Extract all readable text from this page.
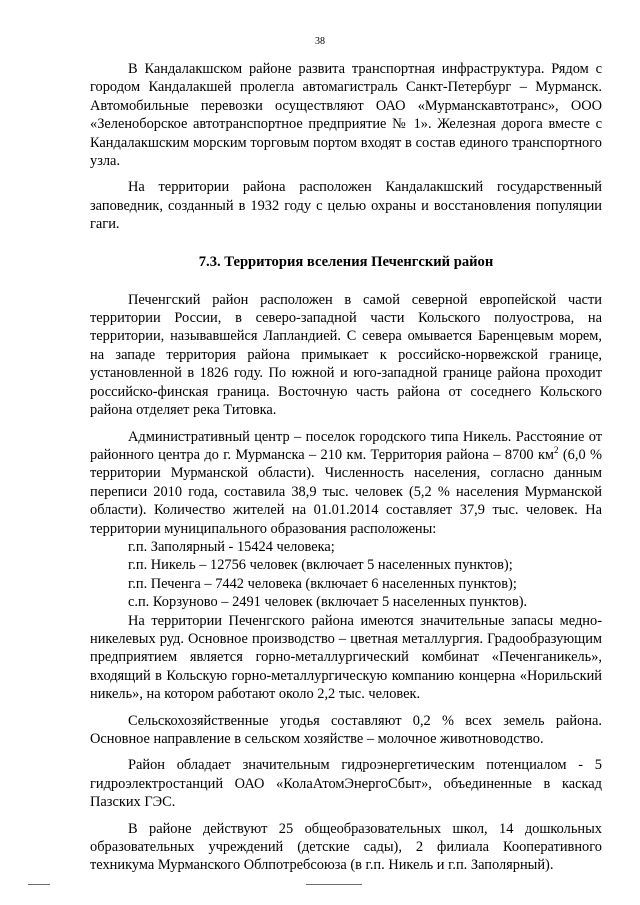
38

В Кандалакшском районе развита транспортная инфраструктура. Рядом с городом Кандалакшей пролегла автомагистраль Санкт-Петербург – Мурманск. Автомобильные перевозки осуществляют ОАО «Мурманскавтотранс», ООО «Зеленоборское автотранспортное предприятие № 1». Железная дорога вместе с Кандалакшским морским торговым портом входят в состав единого транспортного узла.

На территории района расположен Кандалакшский государственный заповедник, созданный в 1932 году с целью охраны и восстановления популяции гаги.

7.3. Территория вселения Печенгский район

Печенгский район расположен в самой северной европейской части территории России, в северо-западной части Кольского полуострова, на территории, называвшейся Лапландией. С севера омывается Баренцевым морем, на западе территория района примыкает к российско-норвежской границе, установленной в 1826 году. По южной и юго-западной границе района проходит российско-финская граница. Восточную часть района от соседнего Кольского района отделяет река Титовка.

Административный центр – поселок городского типа Никель. Расстояние от районного центра до г. Мурманска – 210 км. Территория района – 8700 $км^2$ (6,0 % территории Мурманской области). Численность населения, согласно данным переписи 2010 года, составила 38,9 тыс. человек (5,2 % населения Мурманской области). Количество жителей на 01.01.2014 составляет 37,9 тыс. человек. На территории муниципального образования расположены:

г.п. Заполярный - 15424 человека;
г.п. Никель – 12756 человек (включает 5 населенных пунктов);
г.п. Печенга – 7442 человека (включает 6 населенных пунктов);
с.п. Корзуново – 2491 человек (включает 5 населенных пунктов).

На территории Печенгского района имеются значительные запасы медно-никелевых руд. Основное производство – цветная металлургия. Градообразующим предприятием является горно-металлургический комбинат «Печенганикель», входящий в Кольскую горно-металлургическую компанию концерна «Норильский никель», на котором работают около 2,2 тыс. человек.

Сельскохозяйственные угодья составляют 0,2 % всех земель района. Основное направление в сельском хозяйстве – молочное животноводство.

Район обладает значительным гидроэнергетическим потенциалом - 5 гидроэлектростанций ОАО «КолаАтомЭнергоСбыт», объединенные в каскад Пазских ГЭС.

В районе действуют 25 общеобразовательных школ, 14 дошкольных образовательных учреждений (детские сады), 2 филиала Кооперативного техникума Мурманского Облпотребсоюза (в г.п. Никель и г.п. Заполярный).
